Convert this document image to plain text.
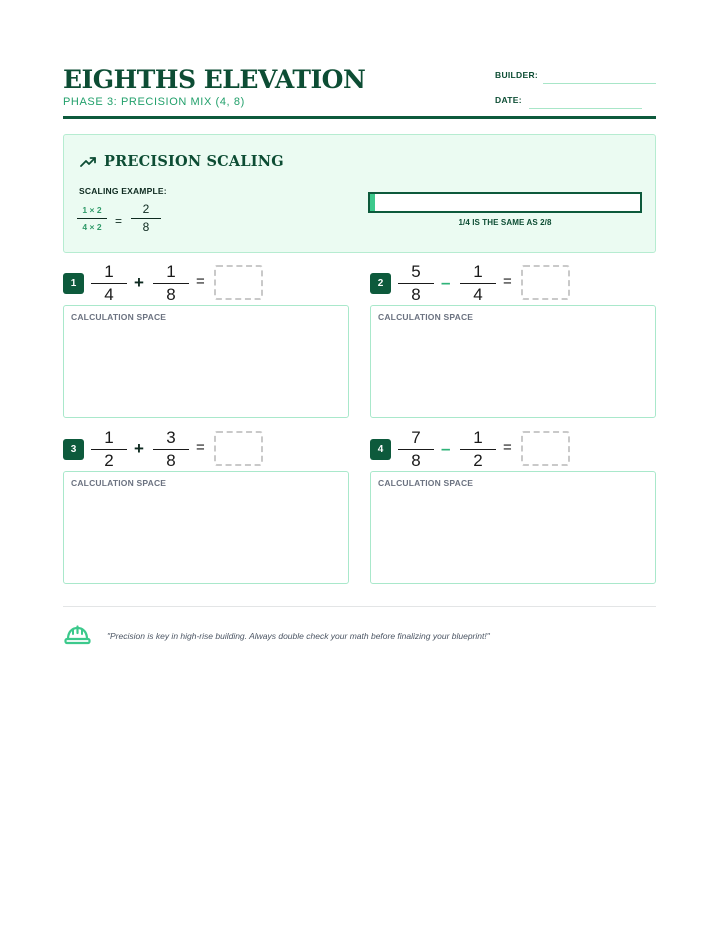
EIGHTHS ELEVATION
PHASE 3: PRECISION MIX (4, 8)
BUILDER:
DATE:
PRECISION SCALING
SCALING EXAMPLE:
1 × 2
4 × 2	=
2
8	1/4 IS THE SAME AS 2/8
1
1
4
+
1
8
=
CALCULATION SPACE
2
5
8
–
1
4
=
CALCULATION SPACE
3
1
2
+
3
8
=
CALCULATION SPACE
4
7
8
–
1
2
=
CALCULATION SPACE
"Precision is key in high-rise building. Always double check your math before finalizing your blueprint!"
